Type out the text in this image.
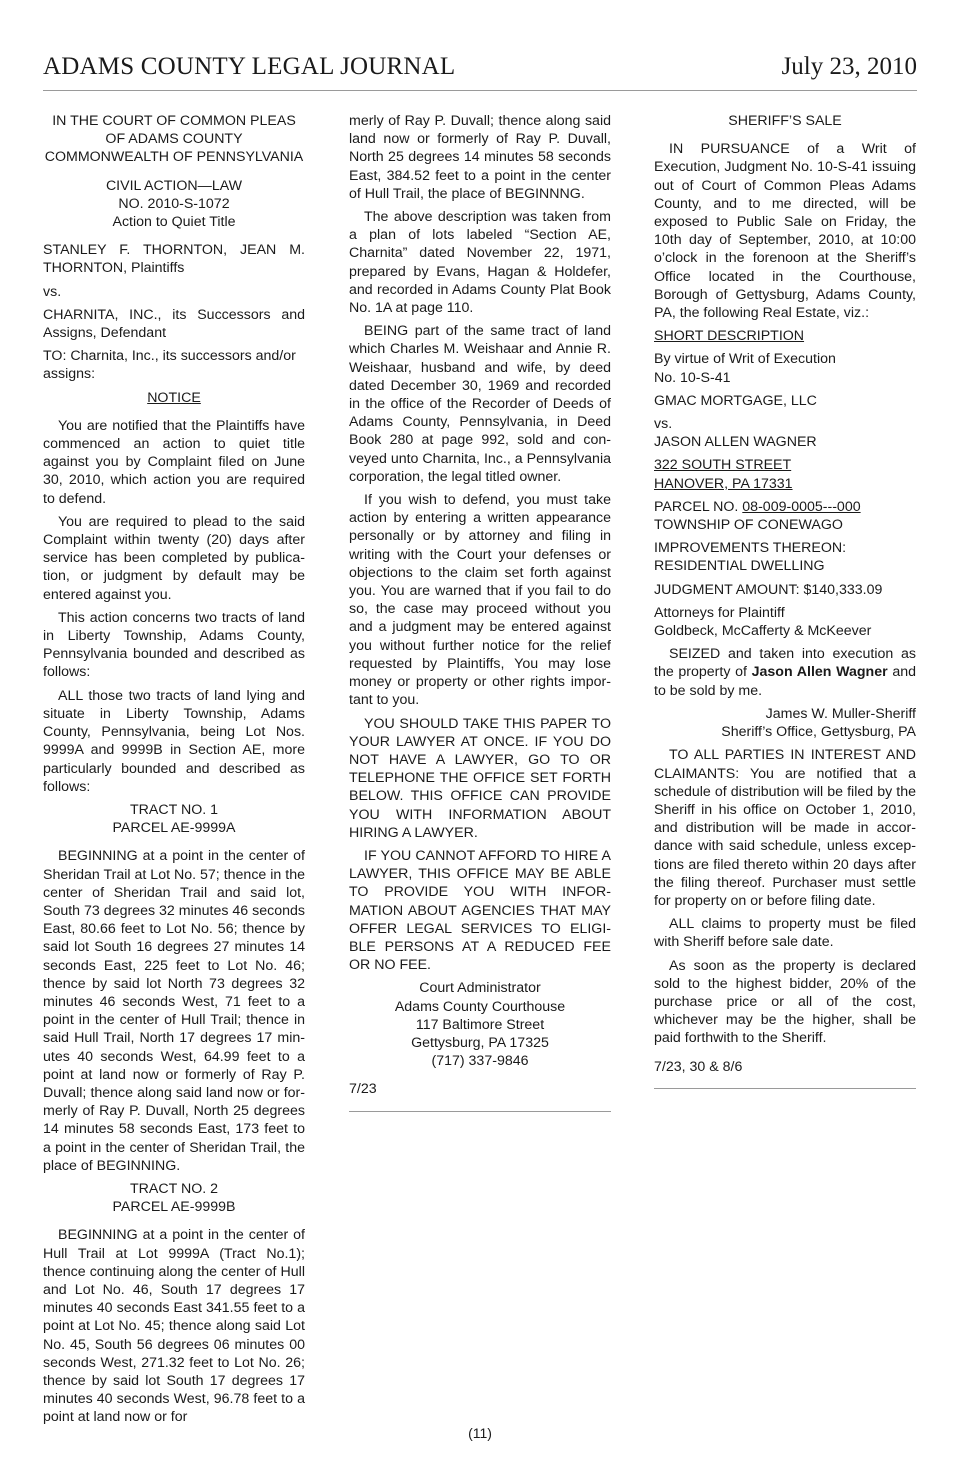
ADAMS COUNTY LEGAL JOURNAL	July 23, 2010
IN THE COURT OF COMMON PLEAS
OF ADAMS COUNTY
COMMONWEALTH OF PENNSYLVANIA
CIVIL ACTION—LAW
NO. 2010-S-1072
Action to Quiet Title

STANLEY F. THORNTON, JEAN M. THORNTON, Plaintiffs

vs.

CHARNITA, INC., its Successors and Assigns, Defendant

TO: Charnita, Inc., its successors and/or assigns:

NOTICE

You are notified that the Plaintiffs have commenced an action to quiet title against you by Complaint filed on June 30, 2010, which action you are required to defend.

You are required to plead to the said Complaint within twenty (20) days after service has been completed by publication, or judgment by default may be entered against you.

This action concerns two tracts of land in Liberty Township, Adams County, Pennsylvania bounded and described as follows:

ALL those two tracts of land lying and situate in Liberty Township, Adams County, Pennsylvania, being Lot Nos. 9999A and 9999B in Section AE, more particularly bounded and described as follows:

TRACT NO. 1
PARCEL AE-9999A

BEGINNING at a point in the center of Sheridan Trail at Lot No. 57; thence in the center of Sheridan Trail and said lot, South 73 degrees 32 minutes 46 seconds East, 80.66 feet to Lot No. 56; thence by said lot South 16 degrees 27 minutes 14 seconds East, 225 feet to Lot No. 46; thence by said lot North 73 degrees 32 minutes 46 seconds West, 71 feet to a point in the center of Hull Trail; thence in said Hull Trail, North 17 degrees 17 minutes 40 seconds West, 64.99 feet to a point at land now or formerly of Ray P. Duvall; thence along said land now or formerly of Ray P. Duvall, North 25 degrees 14 minutes 58 seconds East, 173 feet to a point in the center of Sheridan Trail, the place of BEGINNING.

TRACT NO. 2
PARCEL AE-9999B

BEGINNING at a point in the center of Hull Trail at Lot 9999A (Tract No.1); thence continuing along the center of Hull and Lot No. 46, South 17 degrees 17 minutes 40 seconds East 341.55 feet to a point at Lot No. 45; thence along said Lot No. 45, South 56 degrees 06 minutes 00 seconds West, 271.32 feet to Lot No. 26; thence by said lot South 17 degrees 17 minutes 40 seconds West, 96.78 feet to a point at land now or for

merly of Ray P. Duvall; thence along said land now or formerly of Ray P. Duvall, North 25 degrees 14 minutes 58 seconds East, 384.52 feet to a point in the center of Hull Trail, the place of BEGINNNG.

The above description was taken from a plan of lots labeled “Section AE, Charnita” dated November 22, 1971, prepared by Evans, Hagan & Holdefer, and recorded in Adams County Plat Book No. 1A at page 110.

BEING part of the same tract of land which Charles M. Weishaar and Annie R. Weishaar, husband and wife, by deed dated December 30, 1969 and recorded in the office of the Recorder of Deeds of Adams County, Pennsylvania, in Deed Book 280 at page 992, sold and conveyed unto Charnita, Inc., a Pennsylvania corporation, the legal titled owner.

If you wish to defend, you must take action by entering a written appearance personally or by attorney and filing in writing with the Court your defenses or objections to the claim set forth against you. You are warned that if you fail to do so, the case may proceed without you and a judgment may be entered against you without further notice for the relief requested by Plaintiffs, You may lose money or property or other rights important to you.

YOU SHOULD TAKE THIS PAPER TO YOUR LAWYER AT ONCE. IF YOU DO NOT HAVE A LAWYER, GO TO OR TELEPHONE THE OFFICE SET FORTH BELOW. THIS OFFICE CAN PROVIDE YOU WITH INFORMATION ABOUT HIRING A LAWYER.

IF YOU CANNOT AFFORD TO HIRE A LAWYER, THIS OFFICE MAY BE ABLE TO PROVIDE YOU WITH INFORMATION ABOUT AGENCIES THAT MAY OFFER LEGAL SERVICES TO ELIGIBLE PERSONS AT A REDUCED FEE OR NO FEE.

Court Administrator
Adams County Courthouse
117 Baltimore Street
Gettysburg, PA 17325
(717) 337-9846

7/23

SHERIFF’S SALE

IN PURSUANCE of a Writ of Execution, Judgment No. 10-S-41 issuing out of Court of Common Pleas Adams County, and to me directed, will be exposed to Public Sale on Friday, the 10th day of September, 2010, at 10:00 o’clock in the forenoon at the Sheriff’s Office located in the Courthouse, Borough of Gettysburg, Adams County, PA, the following Real Estate, viz.:

SHORT DESCRIPTION

By virtue of Writ of Execution
No. 10-S-41

GMAC MORTGAGE, LLC

vs.

JASON ALLEN WAGNER

322 SOUTH STREET
HANOVER, PA 17331

PARCEL NO. 08-009-0005---000

TOWNSHIP OF CONEWAGO

IMPROVEMENTS THEREON:
RESIDENTIAL DWELLING

JUDGMENT AMOUNT: $140,333.09

Attorneys for Plaintiff
Goldbeck, McCafferty & McKeever

SEIZED and taken into execution as the property of Jason Allen Wagner and to be sold by me.

James W. Muller-Sheriff
Sheriff’s Office, Gettysburg, PA

TO ALL PARTIES IN INTEREST AND CLAIMANTS: You are notified that a schedule of distribution will be filed by the Sheriff in his office on October 1, 2010, and distribution will be made in accordance with said schedule, unless exceptions are filed thereto within 20 days after the filing thereof. Purchaser must settle for property on or before filing date.

ALL claims to property must be filed with Sheriff before sale date.

As soon as the property is declared sold to the highest bidder, 20% of the purchase price or all of the cost, whichever may be the higher, shall be paid forthwith to the Sheriff.

7/23, 30 & 8/6

(11)
